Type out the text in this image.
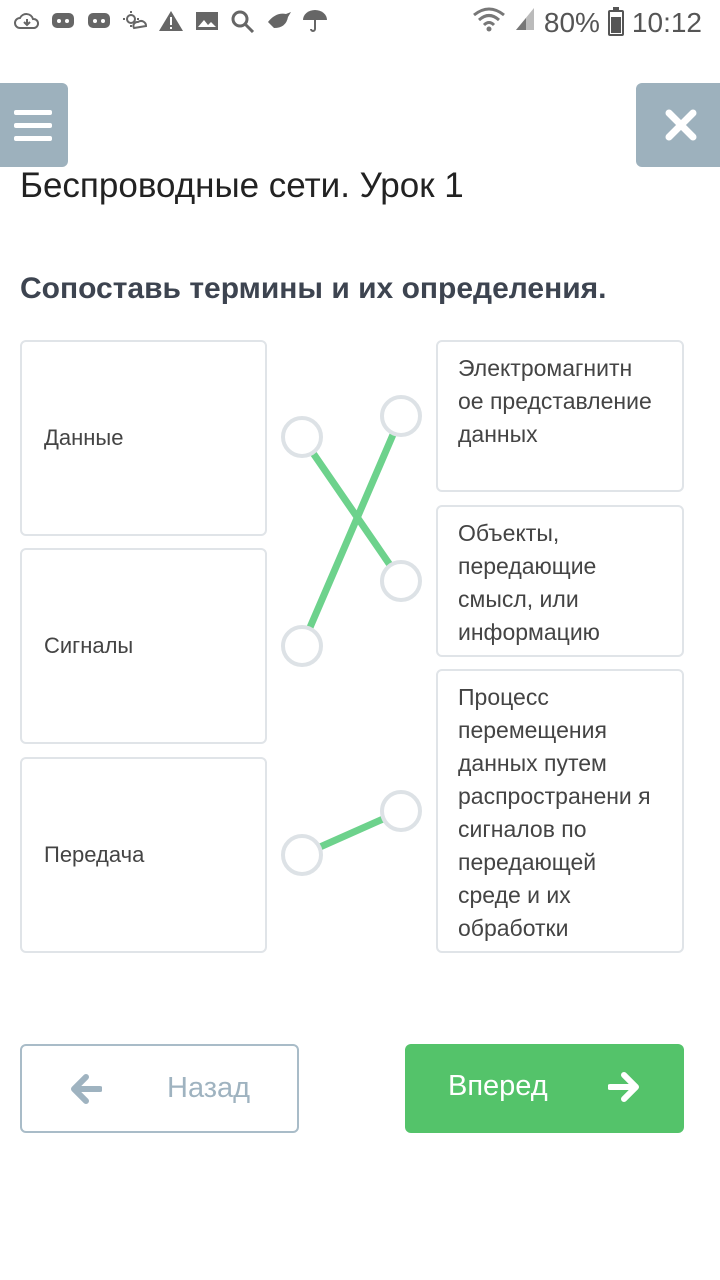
80% 10:12
Беспроводные сети. Урок 1
Сопоставь термины и их определения.
Данные
Сигналы
Передача
Электромагнитн ое представление данных
Объекты, передающие смысл, или информацию
Процесс перемещения данных путем распространени я сигналов по передающей среде и их обработки
Назад	Вперед
